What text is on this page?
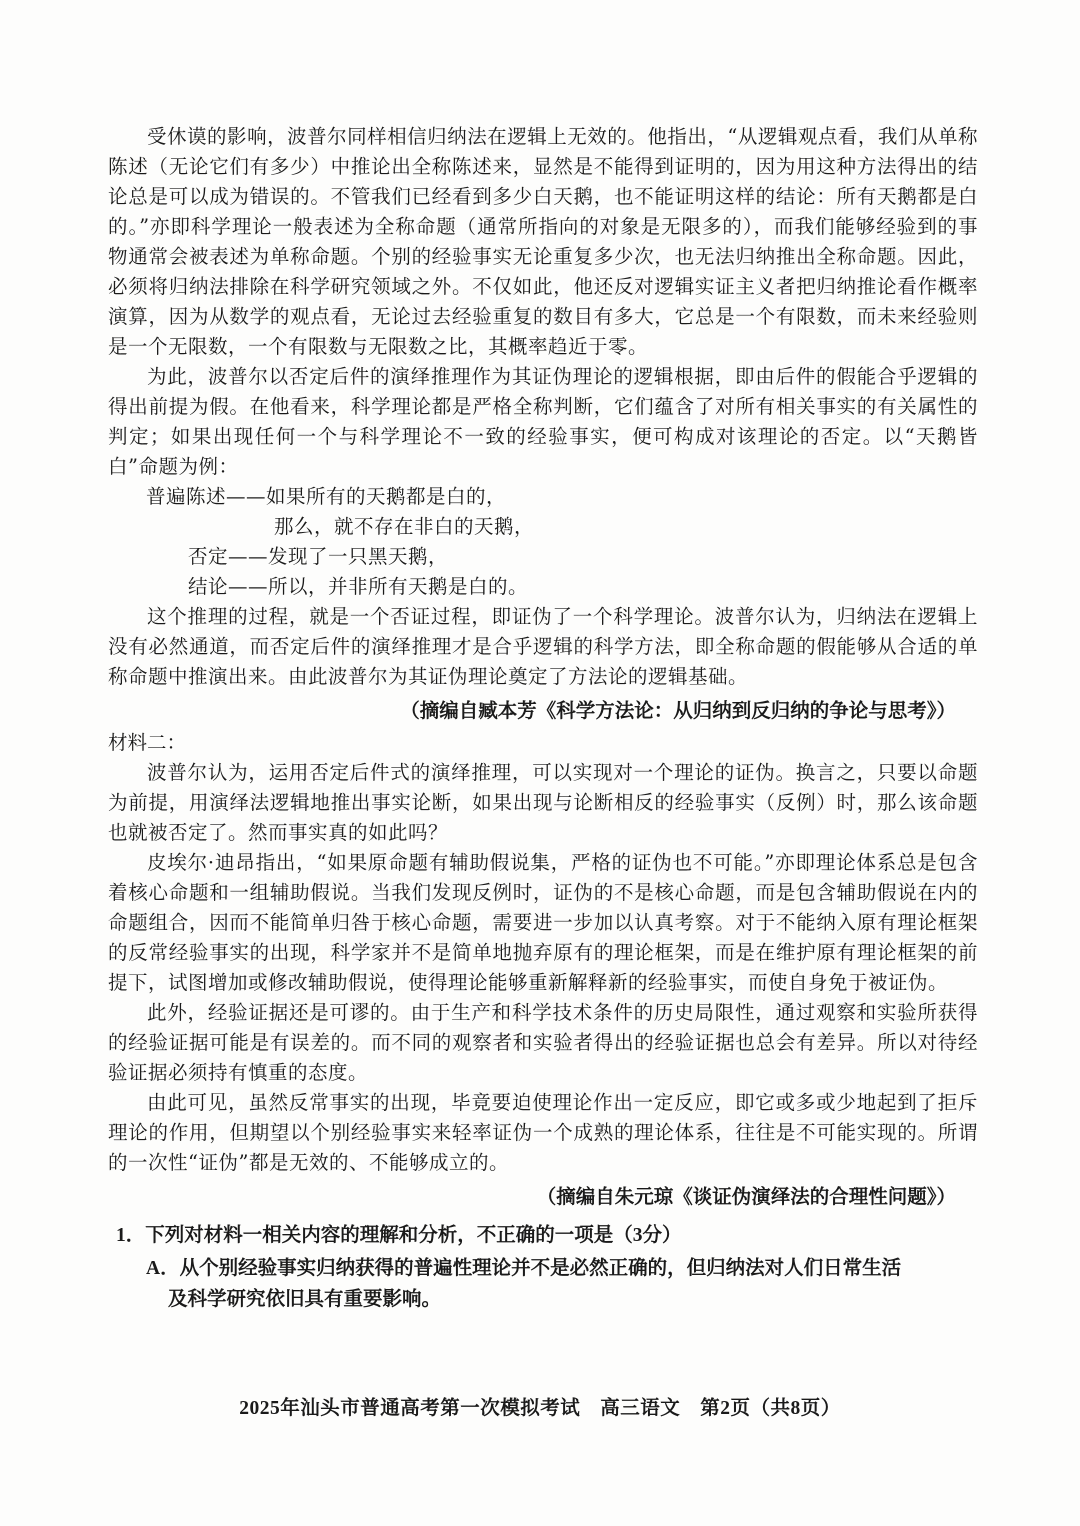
受休谟的影响，波普尔同样相信归纳法在逻辑上无效的。他指出，“从逻辑观点看，我们从单称陈述（无论它们有多少）中推论出全称陈述来，显然是不能得到证明的，因为用这种方法得出的结论总是可以成为错误的。不管我们已经看到多少白天鹅，也不能证明这样的结论：所有天鹅都是白的。”亦即科学理论一般表述为全称命题（通常所指向的对象是无限多的），而我们能够经验到的事物通常会被表述为单称命题。个别的经验事实无论重复多少次，也无法归纳推出全称命题。因此，必须将归纳法排除在科学研究领域之外。不仅如此，他还反对逻辑实证主义者把归纳推论看作概率演算，因为从数学的观点看，无论过去经验重复的数目有多大，它总是一个有限数，而未来经验则是一个无限数，一个有限数与无限数之比，其概率趋近于零。

为此，波普尔以否定后件的演绎推理作为其证伪理论的逻辑根据，即由后件的假能合乎逻辑的得出前提为假。在他看来，科学理论都是严格全称判断，它们蕴含了对所有相关事实的有关属性的判定；如果出现任何一个与科学理论不一致的经验事实，便可构成对该理论的否定。以“天鹅皆白”命题为例：

普遍陈述——如果所有的天鹅都是白的，

那么，就不存在非白的天鹅，

否定——发现了一只黑天鹅，

结论——所以，并非所有天鹅是白的。

这个推理的过程，就是一个否证过程，即证伪了一个科学理论。波普尔认为，归纳法在逻辑上没有必然通道，而否定后件的演绎推理才是合乎逻辑的科学方法，即全称命题的假能够从合适的单称命题中推演出来。由此波普尔为其证伪理论奠定了方法论的逻辑基础。

（摘编自臧本芳《科学方法论：从归纳到反归纳的争论与思考》）

材料二：

波普尔认为，运用否定后件式的演绎推理，可以实现对一个理论的证伪。换言之，只要以命题为前提，用演绎法逻辑地推出事实论断，如果出现与论断相反的经验事实（反例）时，那么该命题也就被否定了。然而事实真的如此吗？

皮埃尔·迪昂指出，“如果原命题有辅助假说集，严格的证伪也不可能。”亦即理论体系总是包含着核心命题和一组辅助假说。当我们发现反例时，证伪的不是核心命题，而是包含辅助假说在内的命题组合，因而不能简单归咎于核心命题，需要进一步加以认真考察。对于不能纳入原有理论框架的反常经验事实的出现，科学家并不是简单地抛弃原有的理论框架，而是在维护原有理论框架的前提下，试图增加或修改辅助假说，使得理论能够重新解释新的经验事实，而使自身免于被证伪。

此外，经验证据还是可谬的。由于生产和科学技术条件的历史局限性，通过观察和实验所获得的经验证据可能是有误差的。而不同的观察者和实验者得出的经验证据也总会有差异。所以对待经验证据必须持有慎重的态度。

由此可见，虽然反常事实的出现，毕竟要迫使理论作出一定反应，即它或多或少地起到了拒斥理论的作用，但期望以个别经验事实来轻率证伪一个成熟的理论体系，往往是不可能实现的。所谓的一次性“证伪”都是无效的、不能够成立的。

（摘编自朱元琼《谈证伪演绎法的合理性问题》）

1．下列对材料一相关内容的理解和分析，不正确的一项是（3分）

A．从个别经验事实归纳获得的普遍性理论并不是必然正确的，但归纳法对人们日常生活
及科学研究依旧具有重要影响。

2025年汕头市普通高考第一次模拟考试　高三语文　第2页（共8页）
